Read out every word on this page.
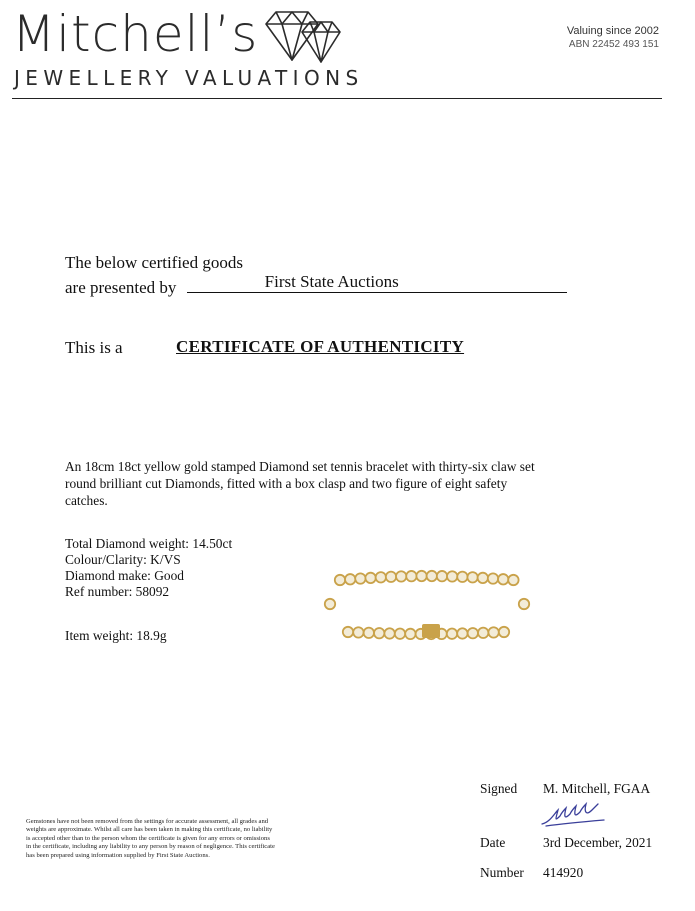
Mitchell’s
JEWELLERY VALUATIONS
Valuing since 2002
ABN 22452 493 151
The below certified goods
are presented by	First State Auctions
This is a	CERTIFICATE OF AUTHENTICITY
An 18cm 18ct yellow gold stamped Diamond set tennis bracelet with thirty-six claw set round brilliant cut Diamonds, fitted with a box clasp and two figure of eight safety catches.
Total Diamond weight: 14.50ct
Colour/Clarity: K/VS
Diamond make: Good
Ref number: 58092
Item weight: 18.9g
Gemstones have not been removed from the settings for accurate assessment, all grades and weights are approximate. Whilst all care has been taken in making this certificate, no liability is accepted other than to the person whom the certificate is given for any errors or omissions in the certificate, including any liability to any person by reason of negligence. This certificate has been prepared using information supplied by First State Auctions.
Signed M. Mitchell, FGAA
Date	3rd December, 2021
Number 414920
